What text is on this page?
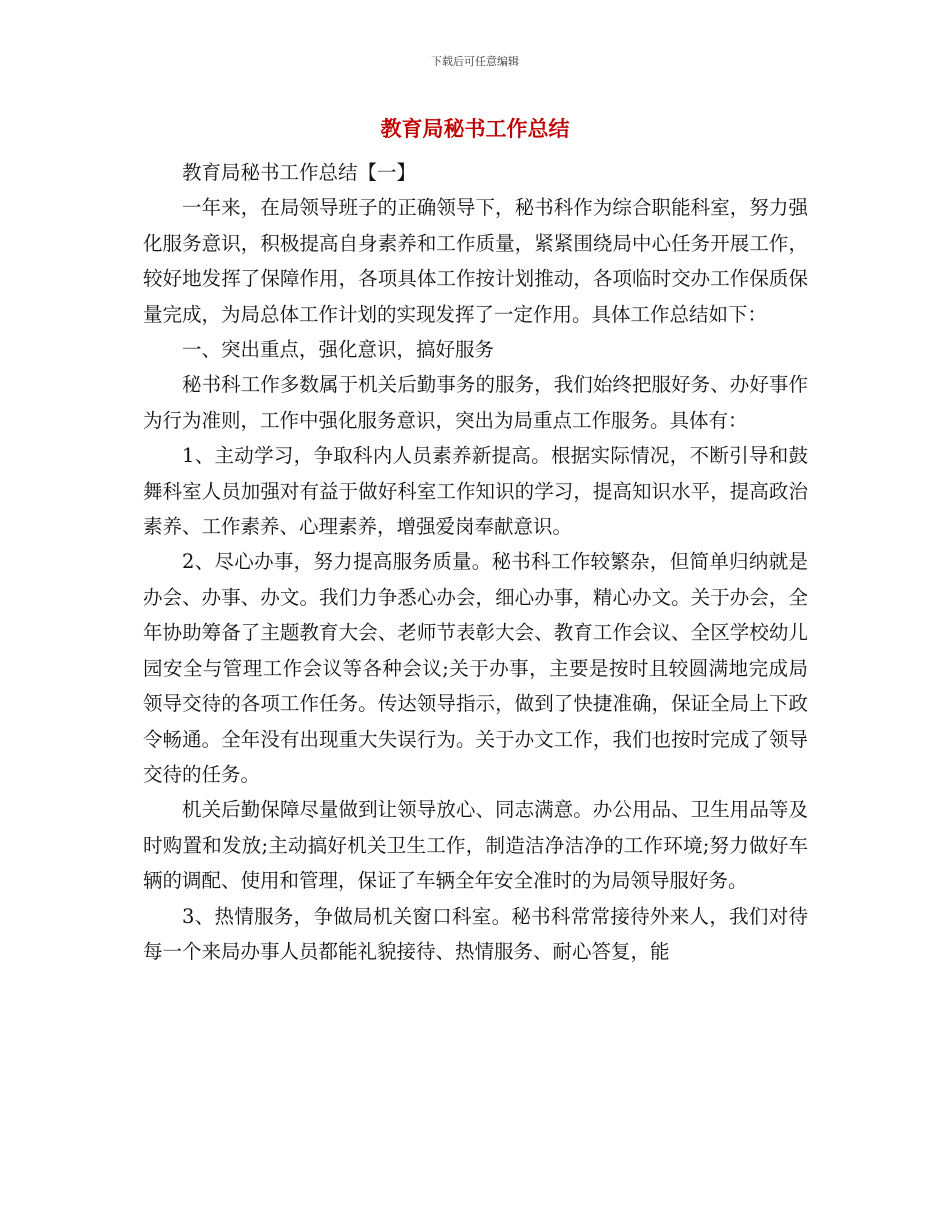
下载后可任意编辑
教育局秘书工作总结

教育局秘书工作总结【一】

一年来，在局领导班子的正确领导下，秘书科作为综合职能科室，努力强化服务意识，积极提高自身素养和工作质量，紧紧围绕局中心任务开展工作，较好地发挥了保障作用，各项具体工作按计划推动，各项临时交办工作保质保量完成，为局总体工作计划的实现发挥了一定作用。具体工作总结如下：

一、突出重点，强化意识，搞好服务

秘书科工作多数属于机关后勤事务的服务，我们始终把服好务、办好事作为行为准则，工作中强化服务意识，突出为局重点工作服务。具体有：

1、主动学习，争取科内人员素养新提高。根据实际情况，不断引导和鼓舞科室人员加强对有益于做好科室工作知识的学习，提高知识水平，提高政治素养、工作素养、心理素养，增强爱岗奉献意识。

2、尽心办事，努力提高服务质量。秘书科工作较繁杂，但简单归纳就是办会、办事、办文。我们力争悉心办会，细心办事，精心办文。关于办会，全年协助筹备了主题教育大会、老师节表彰大会、教育工作会议、全区学校幼儿园安全与管理工作会议等各种会议;关于办事，主要是按时且较圆满地完成局领导交待的各项工作任务。传达领导指示，做到了快捷准确，保证全局上下政令畅通。全年没有出现重大失误行为。关于办文工作，我们也按时完成了领导交待的任务。

机关后勤保障尽量做到让领导放心、同志满意。办公用品、卫生用品等及时购置和发放;主动搞好机关卫生工作，制造洁净洁净的工作环境;努力做好车辆的调配、使用和管理，保证了车辆全年安全准时的为局领导服好务。

3、热情服务，争做局机关窗口科室。秘书科常常接待外来人，我们对待每一个来局办事人员都能礼貌接待、热情服务、耐心答复，能
